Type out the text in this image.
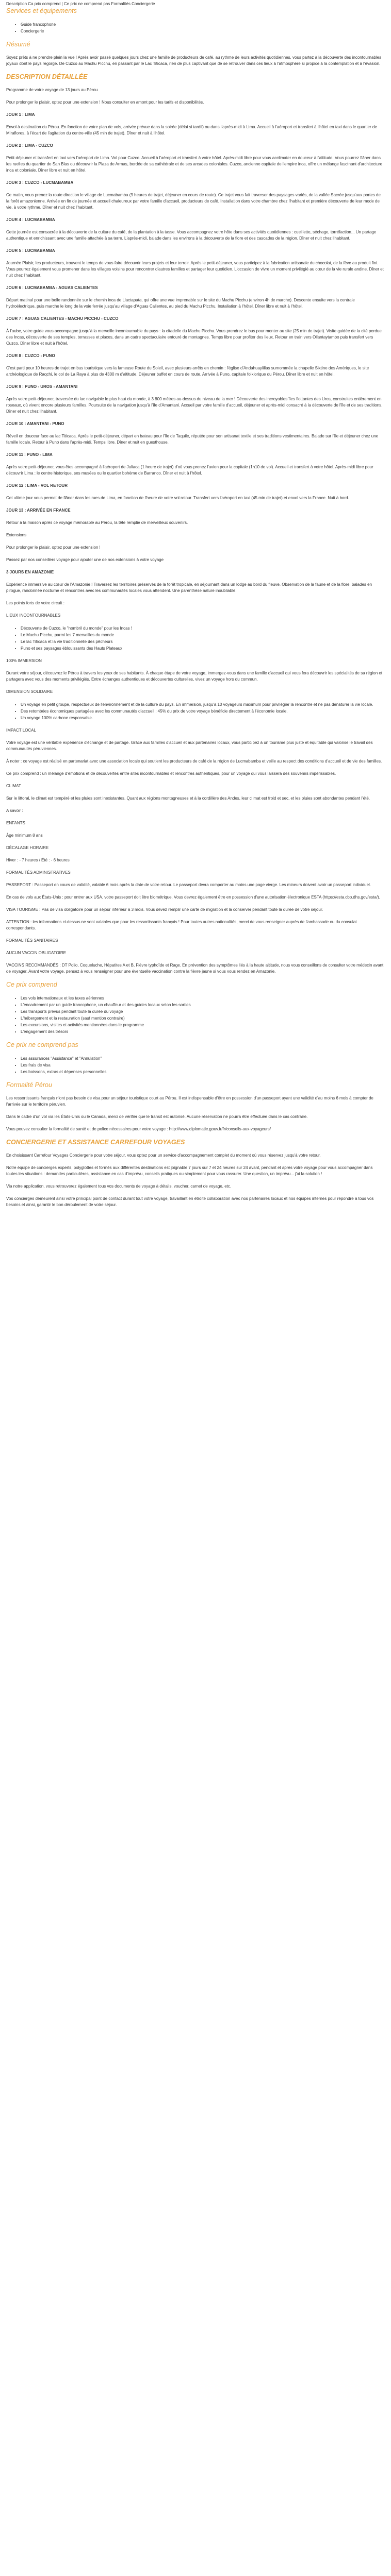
Description Ca prix comprend | Ce prix ne comprend pas Formalités Conciergerie

Services et équipements
• Guide francophone
• Conciergerie
Résumé

Soyez prêts à ne prendre plein la vue ! Après avoir passé quelques jours chez une famille de producteurs de café, au rythme de leurs activités quotidiennes, vous partez à la découverte des incontournables joyaux dont le pays regorge. De Cuzco au Machu Picchu, en passant par le Lac Titicaca, rien de plus captivant que de se retrouver dans ces lieux à l'atmosphère si propice à la contemplation et à l'évasion.

DESCRIPTION DÉTAILLÉE

Programme de votre voyage de 13 jours au Pérou

Pour prolonger le plaisir, optez pour une extension ! Nous consulter en amont pour les tarifs et disponibilités.

JOUR 1 : LIMA

Envol à destination du Pérou. En fonction de votre plan de vols, arrivée prévue dans la soirée (délai si tardif) ou dans l'après-midi à Lima. Accueil à l'aéroport et transfert à l'hôtel en taxi dans le quartier de Miraflores, à l'écart de l'agitation du centre-ville (45 min de trajet). Dîner et nuit à l'hôtel.

JOUR 2 : LIMA - CUZCO

Petit-déjeuner et transfert en taxi vers l'aéroport de Lima. Vol pour Cuzco. Accueil à l'aéroport et transfert à votre hôtel. Après-midi libre pour vous acclimater en douceur à l'altitude. Vous pourrez flâner dans les ruelles du quartier de San Blas ou découvrir la Plaza de Armas, bordée de sa cathédrale et de ses arcades coloniales. Cuzco, ancienne capitale de l'empire inca, offre un mélange fascinant d'architecture inca et coloniale. Dîner libre et nuit en hôtel.

JOUR 3 : CUZCO - LUCMABAMBA

Ce matin, vous prenez la route direction le village de Lucmabamba (9 heures de trajet, déjeuner en cours de route). Ce trajet vous fait traverser des paysages variés, de la vallée Sacrée jusqu'aux portes de la forêt amazonienne. Arrivée en fin de journée et accueil chaleureux par votre famille d'accueil, producteurs de café. Installation dans votre chambre chez l'habitant et première découverte de leur mode de vie, à votre rythme. Dîner et nuit chez l'habitant.

JOUR 4 : LUCMABAMBA

Cette journée est consacrée à la découverte de la culture du café, de la plantation à la tasse. Vous accompagnez votre hôte dans ses activités quotidiennes : cueillette, séchage, torréfaction... Un partage authentique et enrichissant avec une famille attachée à sa terre. L'après-midi, balade dans les environs à la découverte de la flore et des cascades de la région. Dîner et nuit chez l'habitant.

JOUR 5 : LUCMABAMBA

Journée Plaisir, les producteurs, trouvent le temps de vous faire découvrir leurs projets et leur terroir. Après le petit-déjeuner, vous participez à la fabrication artisanale du chocolat, de la fève au produit fini. Vous pourrez également vous promener dans les villages voisins pour rencontrer d'autres familles et partager leur quotidien. L'occasion de vivre un moment privilégié au cœur de la vie rurale andine. Dîner et nuit chez l'habitant.

JOUR 6 : LUCMABAMBA - AGUAS CALIENTES

Départ matinal pour une belle randonnée sur le chemin inca de Llactapata, qui offre une vue imprenable sur le site du Machu Picchu (environ 4h de marche). Descente ensuite vers la centrale hydroélectrique, puis marche le long de la voie ferrée jusqu'au village d'Aguas Calientes, au pied du Machu Picchu. Installation à l'hôtel. Dîner libre et nuit à l'hôtel.

JOUR 7 : AGUAS CALIENTES - MACHU PICCHU - CUZCO

À l'aube, votre guide vous accompagne jusqu'à la merveille incontournable du pays : la citadelle du Machu Picchu. Vous prendrez le bus pour monter au site (25 min de trajet). Visite guidée de la cité perdue des Incas, découverte de ses temples, terrasses et places, dans un cadre spectaculaire entouré de montagnes. Temps libre pour profiter des lieux. Retour en train vers Ollantaytambo puis transfert vers Cuzco. Dîner libre et nuit à l'hôtel.

JOUR 8 : CUZCO - PUNO

C'est parti pour 10 heures de trajet en bus touristique vers la fameuse Route du Soleil, avec plusieurs arrêts en chemin : l'église d'Andahuaylillas surnommée la chapelle Sixtine des Amériques, le site archéologique de Raqchi, le col de La Raya à plus de 4300 m d'altitude. Déjeuner buffet en cours de route. Arrivée à Puno, capitale folklorique du Pérou. Dîner libre et nuit en hôtel.

JOUR 9 : PUNO - UROS - AMANTANI

Après votre petit-déjeuner, traversée du lac navigable le plus haut du monde, à 3 800 mètres au-dessus du niveau de la mer ! Découverte des incroyables îles flottantes des Uros, construites entièrement en roseaux, où vivent encore plusieurs familles. Poursuite de la navigation jusqu'à l'île d'Amantani. Accueil par votre famille d'accueil, déjeuner et après-midi consacré à la découverte de l'île et de ses traditions. Dîner et nuit chez l'habitant.

JOUR 10 : AMANTANI - PUNO

Réveil en douceur face au lac Titicaca. Après le petit-déjeuner, départ en bateau pour l'île de Taquile, réputée pour son artisanat textile et ses traditions vestimentaires. Balade sur l'île et déjeuner chez une famille locale. Retour à Puno dans l'après-midi. Temps libre. Dîner et nuit en guesthouse.

JOUR 11 : PUNO - LIMA

Après votre petit-déjeuner, vous êtes accompagné à l'aéroport de Juliaca (1 heure de trajet) d'où vous prenez l'avion pour la capitale (1h10 de vol). Accueil et transfert à votre hôtel. Après-midi libre pour découvrir Lima : le centre historique, ses musées ou le quartier bohème de Barranco. Dîner et nuit à l'hôtel.

JOUR 12 : LIMA - VOL RETOUR

Cet ultime jour vous permet de flâner dans les rues de Lima, en fonction de l'heure de votre vol retour. Transfert vers l'aéroport en taxi (45 min de trajet) et envol vers la France. Nuit à bord.

JOUR 13 : ARRIVÉE EN FRANCE

Retour à la maison après ce voyage mémorable au Pérou, la tête remplie de merveilleux souvenirs.

Extensions

Pour prolonger le plaisir, optez pour une extension !

Passez par nos conseillers voyage pour ajouter une de nos extensions à votre voyage

3 JOURS EN AMAZONIE

Expérience immersive au cœur de l'Amazonie ! Traversez les territoires préservés de la forêt tropicale, en séjournant dans un lodge au bord du fleuve. Observation de la faune et de la flore, balades en pirogue, randonnée nocturne et rencontres avec les communautés locales vous attendent. Une parenthèse nature inoubliable.

Les points forts de votre circuit :

LIEUX INCONTOURNABLES

• Découverte de Cuzco, le "nombril du monde" pour les Incas !
• Le Machu Picchu, parmi les 7 merveilles du monde
• Le lac Titicaca et la vie traditionnelle des pêcheurs
• Puno et ses paysages éblouissants des Hauts Plateaux

100% IMMERSION

Durant votre séjour, découvrez le Pérou à travers les yeux de ses habitants. À chaque étape de votre voyage, immergez-vous dans une famille d'accueil qui vous fera découvrir les spécialités de sa région et partagera avec vous des moments privilégiés. Entre échanges authentiques et découvertes culturelles, vivez un voyage hors du commun.

DIMENSION SOLIDAIRE

• Un voyage en petit groupe, respectueux de l'environnement et de la culture du pays. En immersion, jusqu'à 10 voyageurs maximum pour privilégier la rencontre et ne pas dénaturer la vie locale.
• Des retombées économiques partagées avec les communautés d'accueil : 45% du prix de votre voyage bénéficie directement à l'économie locale.
• Un voyage 100% carbone responsable.

IMPACT LOCAL

Votre voyage est une véritable expérience d'échange et de partage. Grâce aux familles d'accueil et aux partenaires locaux, vous participez à un tourisme plus juste et équitable qui valorise le travail des communautés péruviennes.

À noter : ce voyage est réalisé en partenariat avec une association locale qui soutient les producteurs de café de la région de Lucmabamba et veille au respect des conditions d'accueil et de vie des familles.

Ce prix comprend : un mélange d'émotions et de découvertes entre sites incontournables et rencontres authentiques, pour un voyage qui vous laissera des souvenirs impérissables.

CLIMAT

Sur le littoral, le climat est tempéré et les pluies sont inexistantes. Quant aux régions montagneuses et à la cordillère des Andes, leur climat est froid et sec, et les pluies sont abondantes pendant l'été.

A savoir :

ENFANTS

Âge minimum 8 ans

DÉCALAGE HORAIRE

Hiver : - 7 heures / Été : - 6 heures

FORMALITÉS ADMINISTRATIVES

PASSEPORT : Passeport en cours de validité, valable 6 mois après la date de votre retour. Le passeport devra comporter au moins une page vierge. Les mineurs doivent avoir un passeport individuel.

En cas de vols aux États-Unis : pour entrer aux USA, votre passeport doit être biométrique. Vous devrez également être en possession d'une autorisation électronique ESTA (https://esta.cbp.dhs.gov/esta/).

VISA TOURISME : Pas de visa obligatoire pour un séjour inférieur à 3 mois. Vous devez remplir une carte de migration et la conserver pendant toute la durée de votre séjour.

ATTENTION : les informations ci-dessus ne sont valables que pour les ressortissants français ! Pour toutes autres nationalités, merci de vous renseigner auprès de l'ambassade ou du consulat correspondants.

FORMALITÉS SANITAIRES

AUCUN VACCIN OBLIGATOIRE

VACCINS RECOMMANDÉS : DT Polio, Coqueluche, Hépatites A et B, Fièvre typhoïde et Rage. En prévention des symptômes liés à la haute altitude, nous vous conseillons de consulter votre médecin avant de voyager. Avant votre voyage, pensez à vous renseigner pour une éventuelle vaccination contre la fièvre jaune si vous vous rendez en Amazonie.

Ce prix comprend
• Les vols internationaux et les taxes aériennes
• L'encadrement par un guide francophone, un chauffeur et des guides locaux selon les sorties
• Les transports prévus pendant toute la durée du voyage
• L'hébergement et la restauration (sauf mention contraire)
• Les excursions, visites et activités mentionnées dans le programme
• L'engagement des trésors
Ce prix ne comprend pas
• Les assurances "Assistance" et "Annulation"
• Les frais de visa
• Les boissons, extras et dépenses personnelles
Formalité Pérou

Les ressortissants français n'ont pas besoin de visa pour un séjour touristique court au Pérou. Il est indispensable d'être en possession d'un passeport ayant une validité d'au moins 6 mois à compter de l'arrivée sur le territoire péruvien.

Dans le cadre d'un vol via les États-Unis ou le Canada, merci de vérifier que le transit est autorisé. Aucune réservation ne pourra être effectuée dans le cas contraire.

Vous pouvez consulter la formalité de santé et de police nécessaires pour votre voyage : http://www.diplomatie.gouv.fr/fr/conseils-aux-voyageurs/

CONCIERGERIE ET ASSISTANCE CARREFOUR VOYAGES

En choisissant Carrefour Voyages Conciergerie pour votre séjour, vous optez pour un service d'accompagnement complet du moment où vous réservez jusqu'à votre retour.

Notre équipe de concierges experts, polyglottes et formés aux différentes destinations est joignable 7 jours sur 7 et 24 heures sur 24 avant, pendant et après votre voyage pour vous accompagner dans toutes les situations : demandes particulières, assistance en cas d'imprévu, conseils pratiques ou simplement pour vous rassurer. Une question, un imprévu... j'ai la solution !

Via notre application, vous retrouverez également tous vos documents de voyage à détails, voucher, carnet de voyage, etc.

Vos concierges demeurent ainsi votre principal point de contact durant tout votre voyage, travaillant en étroite collaboration avec nos partenaires locaux et nos équipes internes pour répondre à tous vos besoins et ainsi, garantir le bon déroulement de votre séjour.
